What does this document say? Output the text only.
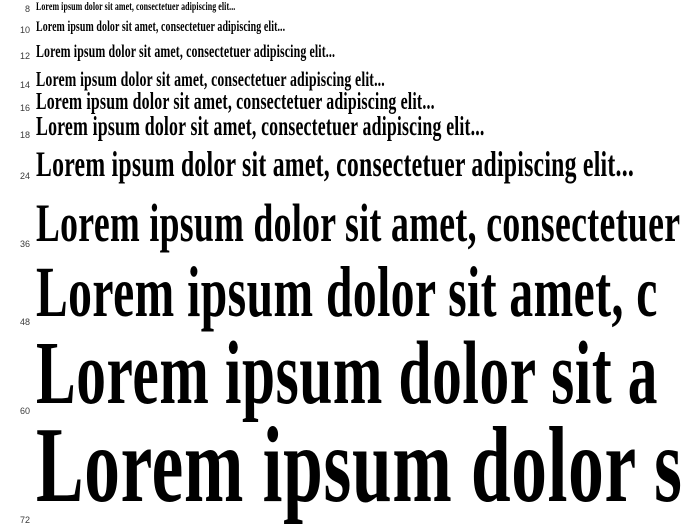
8 Lorem ipsum dolor sit amet, consectetuer adipiscing elit...
10 Lorem ipsum dolor sit amet, consectetuer adipiscing elit...
12 Lorem ipsum dolor sit amet, consectetuer adipiscing elit...
14 Lorem ipsum dolor sit amet, consectetuer adipiscing elit...
16 Lorem ipsum dolor sit amet, consectetuer adipiscing elit...
18 Lorem ipsum dolor sit amet, consectetuer adipiscing elit...
24 Lorem ipsum dolor sit amet, consectetuer adipiscing elit...
36 Lorem ipsum dolor sit amet, consectetuer
48 Lorem ipsum dolor sit amet, c
60 Lorem ipsum dolor sit a
72 Lorem ipsum dolor s
